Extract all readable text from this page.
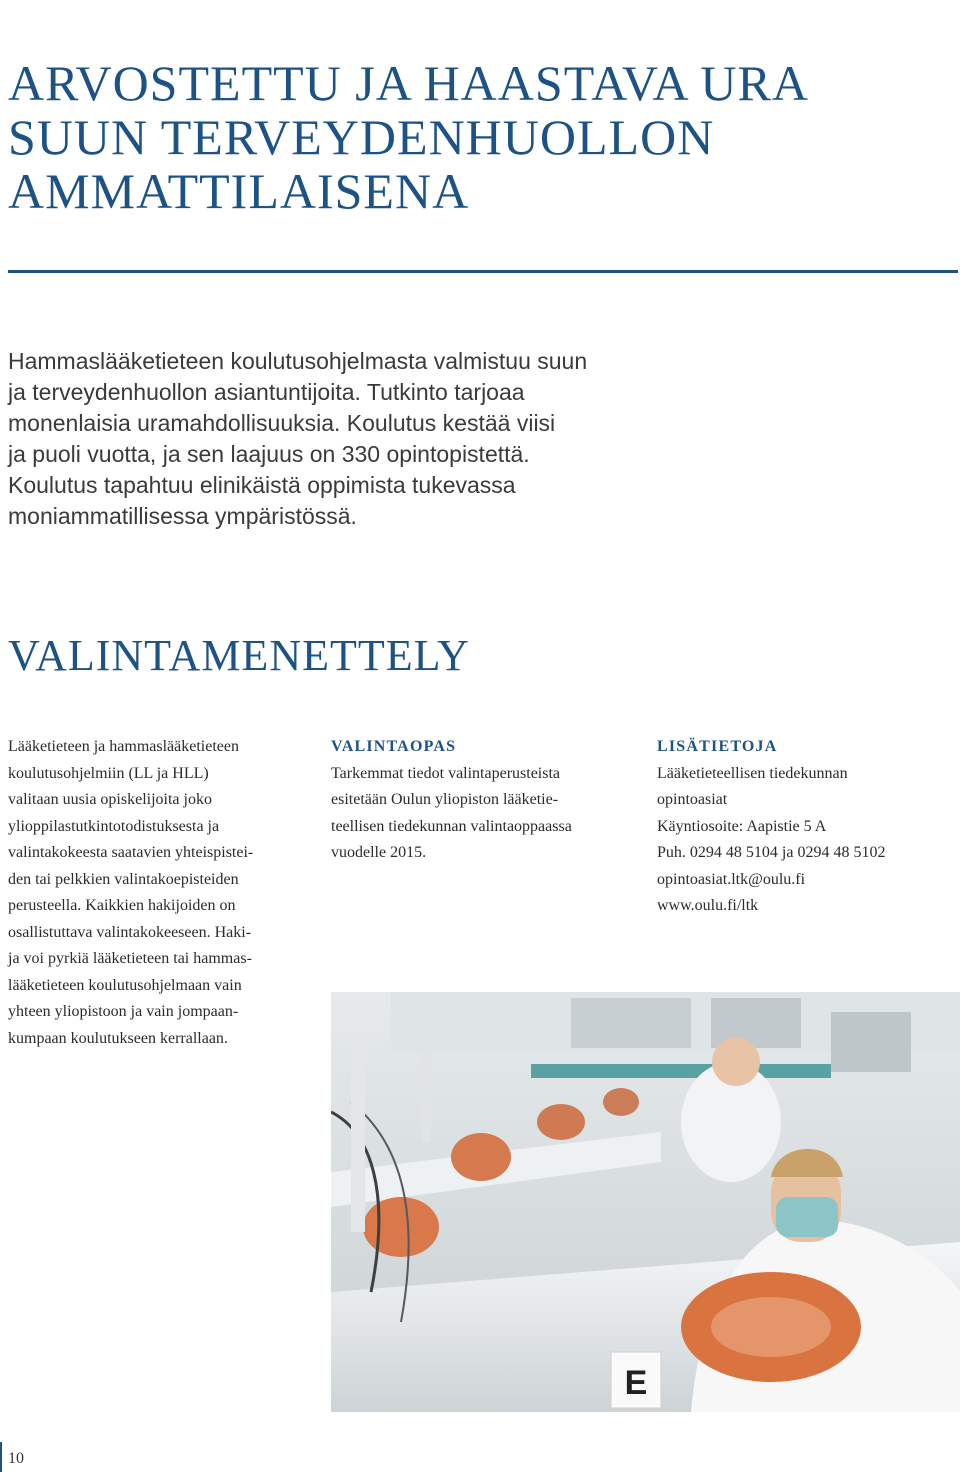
ARVOSTETTU JA HAASTAVA URA
SUUN TERVEYDENHUOLLON
AMMATTILAISENA

Hammaslääketieteen koulutusohjelmasta valmistuu suun
ja terveydenhuollon asiantuntijoita. Tutkinto tarjoaa
monenlaisia uramahdollisuuksia. Koulutus kestää viisi
ja puoli vuotta, ja sen laajuus on 330 opintopistettä.
Koulutus tapahtuu elinikäistä oppimista tukevassa
moniammatillisessa ympäristössä.

VALINTAMENETTELY
Lääketieteen ja hammaslääketieteen
koulutusohjelmiin (LL ja HLL)
valitaan uusia opiskelijoita joko
ylioppilastutkintotodistuksesta ja
valintakokeesta saatavien yhteispistei-
den tai pelkkien valintakoepisteiden
perusteella. Kaikkien hakijoiden on
osallistuttava valintakokeeseen. Haki-
ja voi pyrkiä lääketieteen tai hammas-
lääketieteen koulutusohjelmaan vain
yhteen yliopistoon ja vain jompaan-
kumpaan koulutukseen kerrallaan.
VALINTAOPAS
Tarkemmat tiedot valintaperusteista
esitetään Oulun yliopiston lääketie-
teellisen tiedekunnan valintaoppaassa
vuodelle 2015.
LISÄTIETOJA
Lääketieteellisen tiedekunnan
opintoasiat
Käyntiosoite: Aapistie 5 A
Puh. 0294 48 5104 ja 0294 48 5102
opintoasiat.ltk@oulu.fi
www.oulu.fi/ltk
E
10
